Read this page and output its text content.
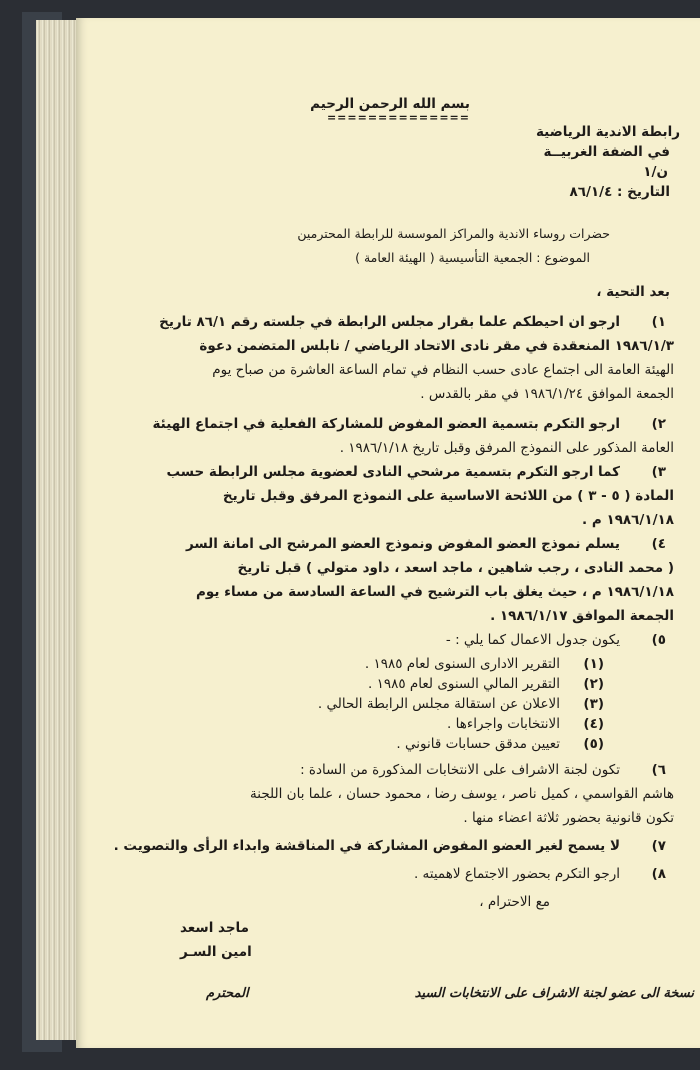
بسم الله الرحمن الرحيم
==============
رابطة الاندية الرياضية
في الضفة الغربيــة
ن/١
التاريخ : ٨٦/١/٤
حضرات روساء الاندية والمراكز الموسسة للرابطة المحترمين
الموضوع : الجمعية التأسيسية ( الهيئة العامة )
بعد التحية ،
١)
ارجو ان احيطكم علما بقرار مجلس الرابطة في جلسته رقم ٨٦/١ تاريخ
١٩٨٦/١/٣ المنعقدة في مقر نادى الاتحاد الرياضي / نابلس المتضمن دعوة
الهيئة العامة الى اجتماع عادى حسب النظام في تمام الساعة العاشرة من صباح يوم
الجمعة الموافق ١٩٨٦/١/٢٤ في مقر بالقدس .
٢)
ارجو التكرم بتسمية العضو المفوض للمشاركة الفعلية في اجتماع الهيئة
العامة المذكور على النموذج المرفق وقبل تاريخ ١٩٨٦/١/١٨ .
٣)
كما ارجو التكرم بتسمية مرشحي النادى لعضوية مجلس الرابطة حسب
المادة ( ٥ - ٣ ) من اللائحة الاساسية على النموذج المرفق وقبل تاريخ
١٩٨٦/١/١٨ م .
٤)
يسلم نموذج العضو المفوض ونموذج العضو المرشح الى امانة السر
( محمد النادى ، رجب شاهين ، ماجد اسعد ، داود متولي ) قبل تاريخ
١٩٨٦/١/١٨ م ، حيث يغلق باب الترشيح في الساعة السادسة من مساء يوم
الجمعة الموافق ١٩٨٦/١/١٧ .
٥)
يكون جدول الاعمال كما يلي : -
(١)
التقرير الادارى السنوى لعام ١٩٨٥ .
(٢)
التقرير المالي السنوى لعام ١٩٨٥ .
(٣)
الاعلان عن استقالة مجلس الرابطة الحالي .
(٤)
الانتخابات واجراءها .
(٥)
تعيين مدقق حسابات قانوني .
٦)
تكون لجنة الاشراف على الانتخابات المذكورة من السادة :
هاشم القواسمي ، كميل ناصر ، يوسف رضا ، محمود حسان ، علما بان اللجنة
تكون قانونية بحضور ثلاثة اعضاء منها .
٧)
لا يسمح لغير العضو المفوض المشاركة في المناقشة وابداء الرأى والتصويت .
٨)
ارجو التكرم بحضور الاجتماع لاهميته .
مع الاحترام ،
ماجد اسعد
امين السـر
نسخة الى عضو لجنة الاشراف على الانتخابات السيد
المحترم
